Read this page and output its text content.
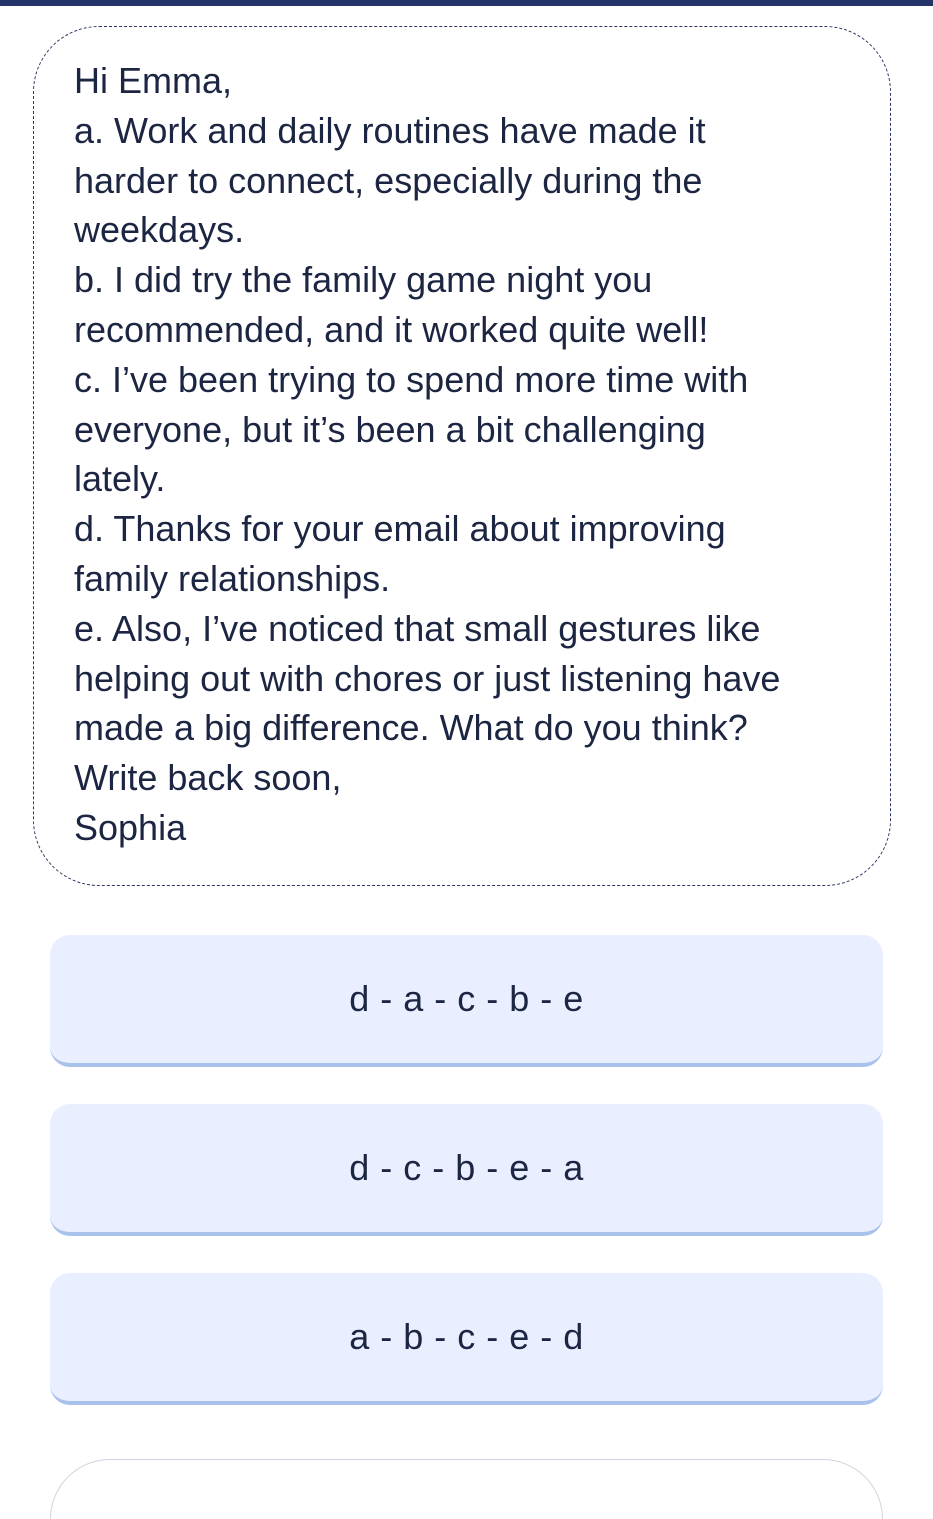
Hi Emma,
a. Work and daily routines have made it
harder to connect, especially during the
weekdays.
b. I did try the family game night you
recommended, and it worked quite well!
c. I’ve been trying to spend more time with
everyone, but it’s been a bit challenging
lately.
d. Thanks for your email about improving
family relationships.
e. Also, I’ve noticed that small gestures like
helping out with chores or just listening have
made a big difference. What do you think?
Write back soon,
Sophia
d - a - c - b - e
d - c - b - e - a
a - b - c - e - d
